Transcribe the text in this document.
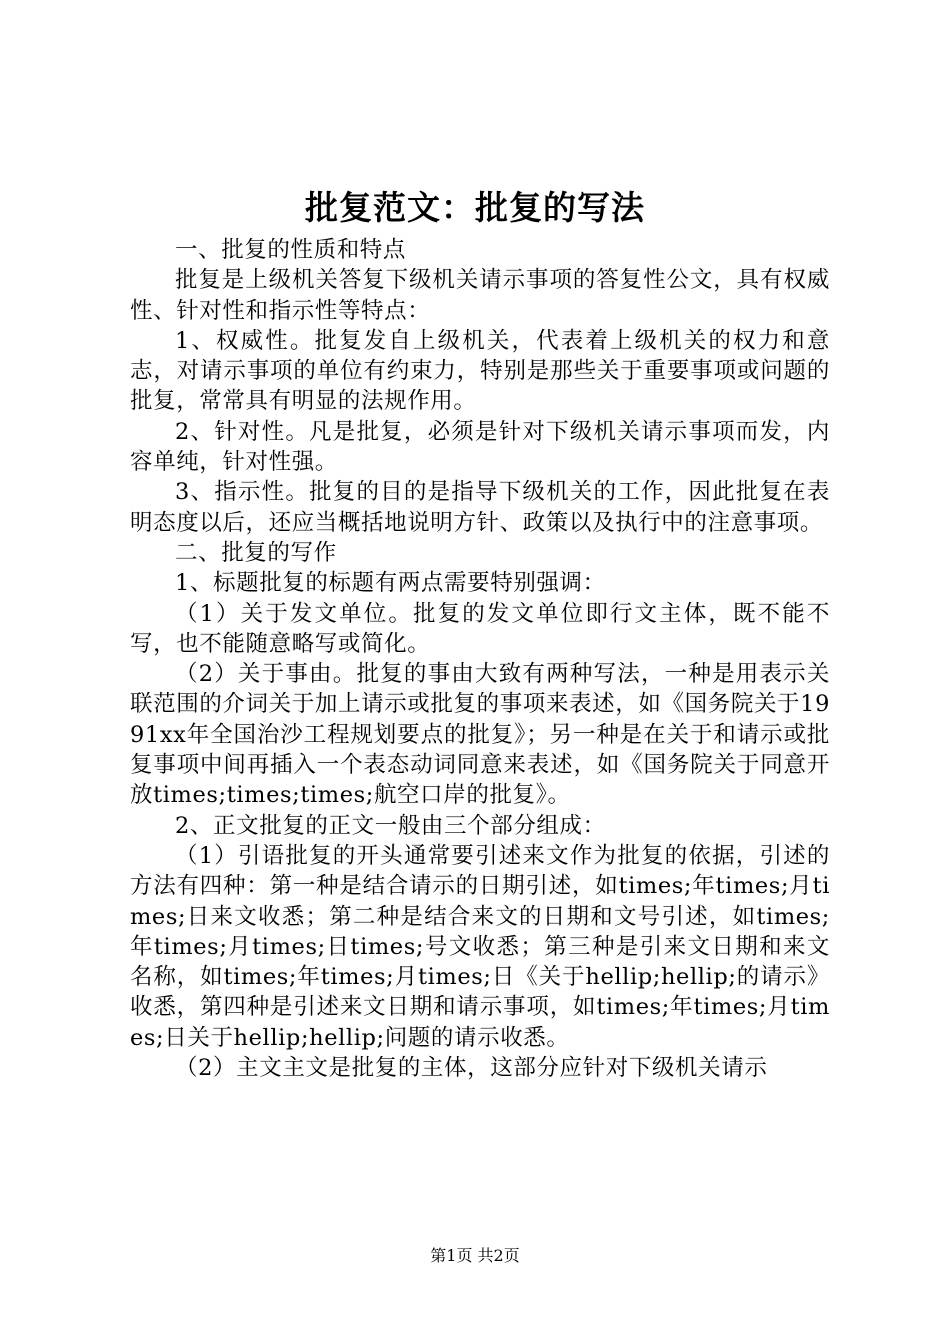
批复范文：批复的写法

一、批复的性质和特点

批复是上级机关答复下级机关请示事项的答复性公文，具有权威性、针对性和指示性等特点：

1、权威性。批复发自上级机关，代表着上级机关的权力和意志，对请示事项的单位有约束力，特别是那些关于重要事项或问题的批复，常常具有明显的法规作用。

2、针对性。凡是批复，必须是针对下级机关请示事项而发，内容单纯，针对性强。

3、指示性。批复的目的是指导下级机关的工作，因此批复在表明态度以后，还应当概括地说明方针、政策以及执行中的注意事项。

二、批复的写作

1、标题批复的标题有两点需要特别强调：

（1）关于发文单位。批复的发文单位即行文主体，既不能不写，也不能随意略写或简化。

（2）关于事由。批复的事由大致有两种写法，一种是用表示关联范围的介词关于加上请示或批复的事项来表述，如《国务院关于1991xx年全国治沙工程规划要点的批复》；另一种是在关于和请示或批复事项中间再插入一个表态动词同意来表述，如《国务院关于同意开放times;times;times;航空口岸的批复》。

2、正文批复的正文一般由三个部分组成：

（1）引语批复的开头通常要引述来文作为批复的依据，引述的方法有四种：第一种是结合请示的日期引述，如times;年times;月times;日来文收悉；第二种是结合来文的日期和文号引述，如times;年times;月times;日times;号文收悉；第三种是引来文日期和来文名称，如times;年times;月times;日《关于hellip;hellip;的请示》收悉，第四种是引述来文日期和请示事项，如times;年times;月times;日关于hellip;hellip;问题的请示收悉。

（2）主文主文是批复的主体，这部分应针对下级机关请示

第1页 共2页
